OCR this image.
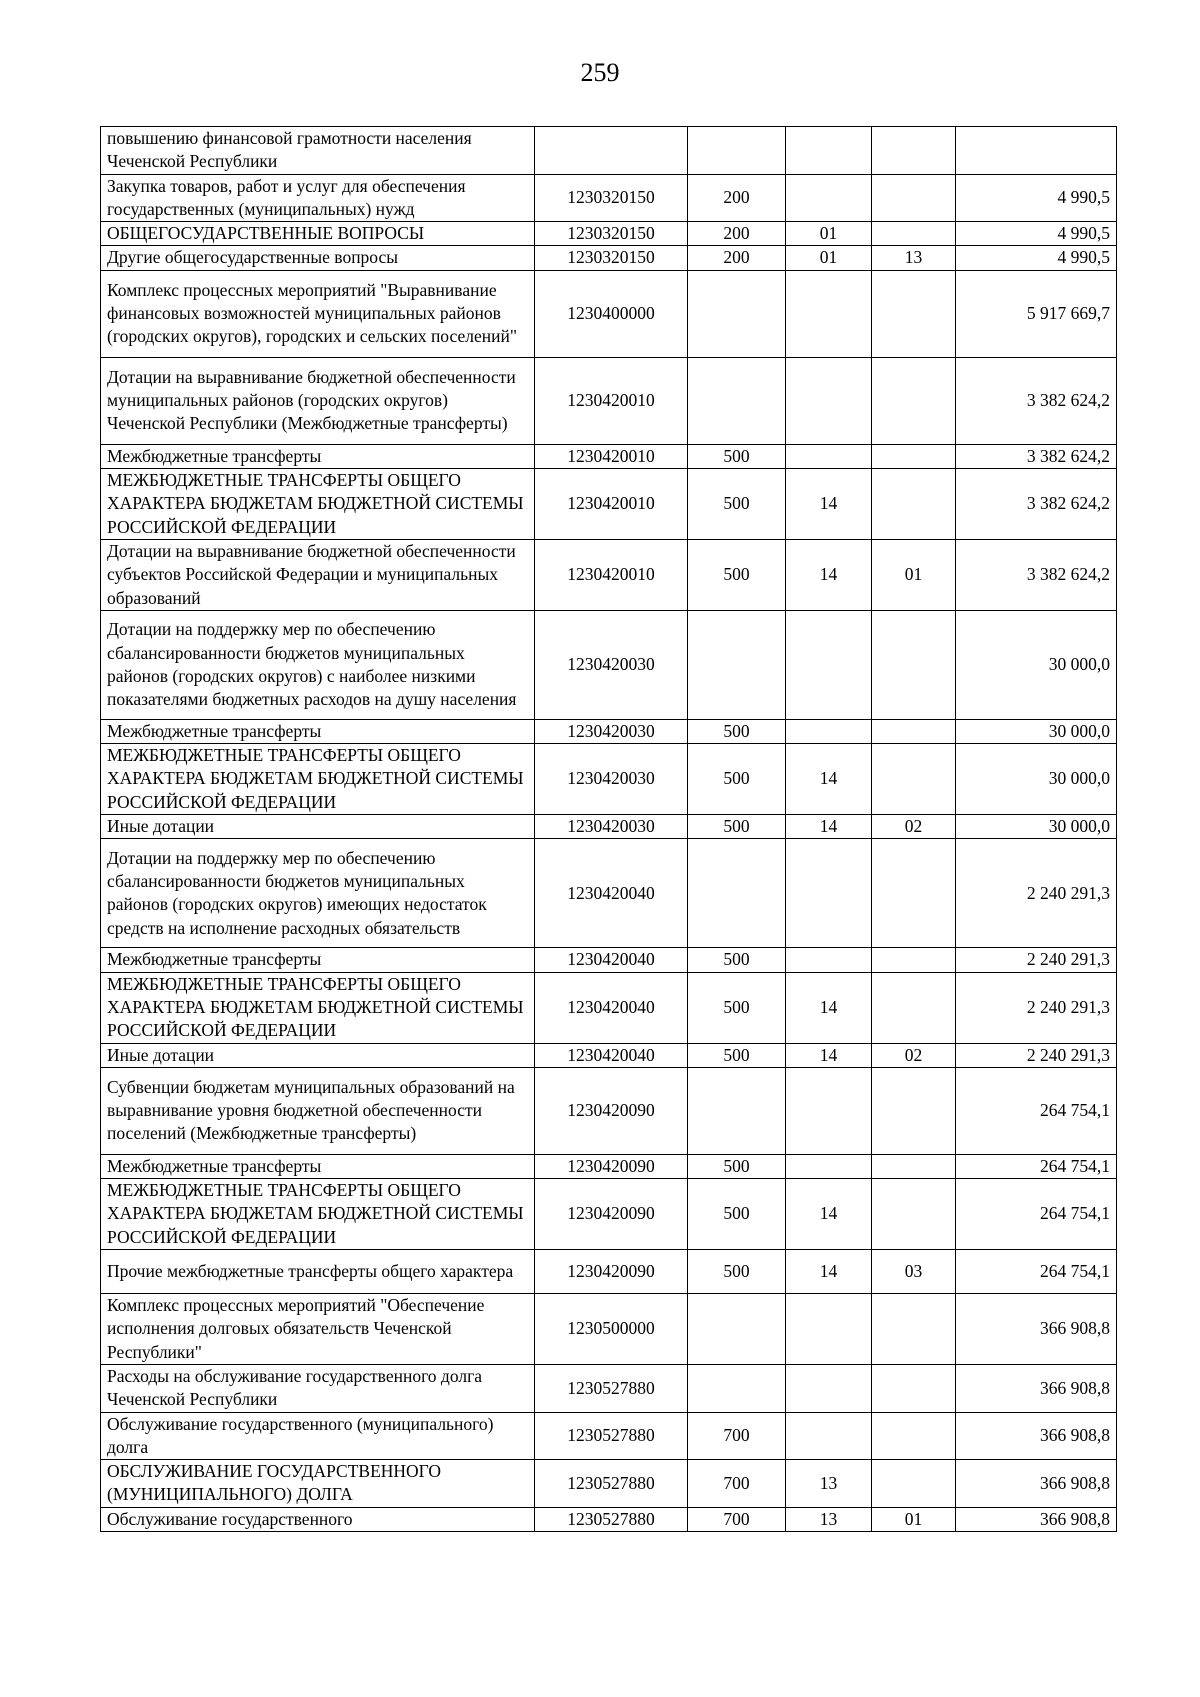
259
повышению финансовой грамотности населения Чеченской Республики					
Закупка товаров, работ и услуг для обеспечения государственных (муниципальных) нужд	1230320150	200			4 990,5
ОБЩЕГОСУДАРСТВЕННЫЕ ВОПРОСЫ	1230320150	200	01		4 990,5
Другие общегосударственные вопросы	1230320150	200	01	13	4 990,5
Комплекс процессных мероприятий "Выравнивание финансовых возможностей муниципальных районов (городских округов), городских и сельских поселений"	1230400000				5 917 669,7
Дотации на выравнивание бюджетной обеспеченности муниципальных районов (городских округов) Чеченской Республики (Межбюджетные трансферты)	1230420010				3 382 624,2
Межбюджетные трансферты	1230420010	500			3 382 624,2
МЕЖБЮДЖЕТНЫЕ ТРАНСФЕРТЫ ОБЩЕГО ХАРАКТЕРА БЮДЖЕТАМ БЮДЖЕТНОЙ СИСТЕМЫ РОССИЙСКОЙ ФЕДЕРАЦИИ	1230420010	500	14		3 382 624,2
Дотации на выравнивание бюджетной обеспеченности субъектов Российской Федерации и муниципальных образований	1230420010	500	14	01	3 382 624,2
Дотации на поддержку мер по обеспечению сбалансированности бюджетов муниципальных районов (городских округов) с наиболее низкими показателями бюджетных расходов на душу населения	1230420030				30 000,0
Межбюджетные трансферты	1230420030	500			30 000,0
МЕЖБЮДЖЕТНЫЕ ТРАНСФЕРТЫ ОБЩЕГО ХАРАКТЕРА БЮДЖЕТАМ БЮДЖЕТНОЙ СИСТЕМЫ РОССИЙСКОЙ ФЕДЕРАЦИИ	1230420030	500	14		30 000,0
Иные дотации	1230420030	500	14	02	30 000,0
Дотации на поддержку мер по обеспечению сбалансированности бюджетов муниципальных районов (городских округов) имеющих недостаток средств на исполнение расходных обязательств	1230420040				2 240 291,3
Межбюджетные трансферты	1230420040	500			2 240 291,3
МЕЖБЮДЖЕТНЫЕ ТРАНСФЕРТЫ ОБЩЕГО ХАРАКТЕРА БЮДЖЕТАМ БЮДЖЕТНОЙ СИСТЕМЫ РОССИЙСКОЙ ФЕДЕРАЦИИ	1230420040	500	14		2 240 291,3
Иные дотации	1230420040	500	14	02	2 240 291,3
Субвенции бюджетам муниципальных образований на выравнивание уровня бюджетной обеспеченности поселений (Межбюджетные трансферты)	1230420090				264 754,1
Межбюджетные трансферты	1230420090	500			264 754,1
МЕЖБЮДЖЕТНЫЕ ТРАНСФЕРТЫ ОБЩЕГО ХАРАКТЕРА БЮДЖЕТАМ БЮДЖЕТНОЙ СИСТЕМЫ РОССИЙСКОЙ ФЕДЕРАЦИИ	1230420090	500	14		264 754,1
Прочие межбюджетные трансферты общего характера	1230420090	500	14	03	264 754,1
Комплекс процессных мероприятий "Обеспечение исполнения долговых обязательств Чеченской Республики"	1230500000				366 908,8
Расходы на обслуживание государственного долга Чеченской Республики	1230527880				366 908,8
Обслуживание государственного (муниципального) долга	1230527880	700			366 908,8
ОБСЛУЖИВАНИЕ ГОСУДАРСТВЕННОГО (МУНИЦИПАЛЬНОГО) ДОЛГА	1230527880	700	13		366 908,8
Обслуживание государственного	1230527880	700	13	01	366 908,8
